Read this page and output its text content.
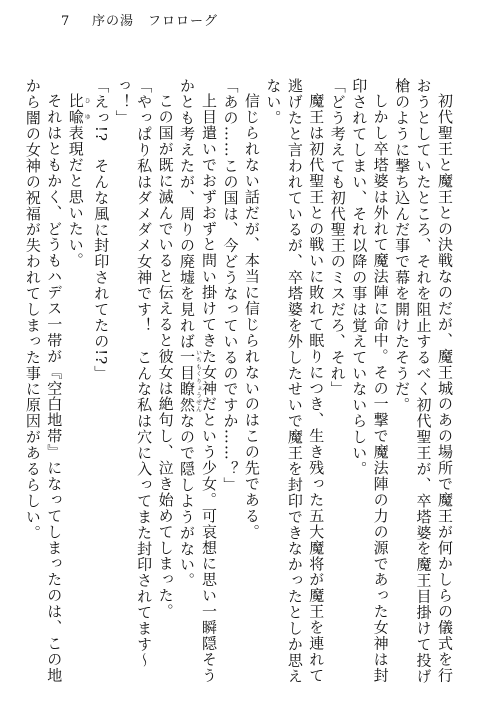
7 序の湯　フロローグ

初代聖王と魔王との決戦なのだが、魔王城のあの場所で魔王が何かしらの儀式を行おうとしていたところ、それを阻止するべく初代聖王が、卒塔婆を魔王目掛けて投げ槍のように撃ち込んだ事で幕を開けたそうだ。

しかし卒塔婆は外れて魔法陣に命中。その一撃で魔法陣の力の源であった女神は封印されてしまい、それ以降の事は覚えていないらしい。

「どう考えても初代聖王のミスだろ、それ」

魔王は初代聖王との戦いに敗れて眠りにつき、生き残った五大魔将が魔王を連れて逃げたと言われているが、卒塔婆を外したせいで魔王を封印できなかったとしか思えない。

信じられない話だが、本当に信じられないのはこの先である。

「あの……この国は、今どうなっているのですか……？」

上目遣いでおずおずと問い掛けてきた女神だという少女。可哀想に思い一瞬隠そうかとも考えたが、周りの廃墟を見れば一目瞭然いちもくりょうぜんなので隠しようがない。

この国が既に滅んでいると伝えると彼女は絶句し、泣き始めてしまった。

「やっぱり私はダメダメ女神です！　こんな私は穴に入ってまた封印されてます～っ！」

「えっ!?　そんな風に封印されてたの!?」

比喩ひゆ表現だと思いたい。

それはともかく、どうもハデス一帯が『空白地帯』になってしまったのは、この地から闇の女神の祝福が失われてしまった事に原因があるらしい。
